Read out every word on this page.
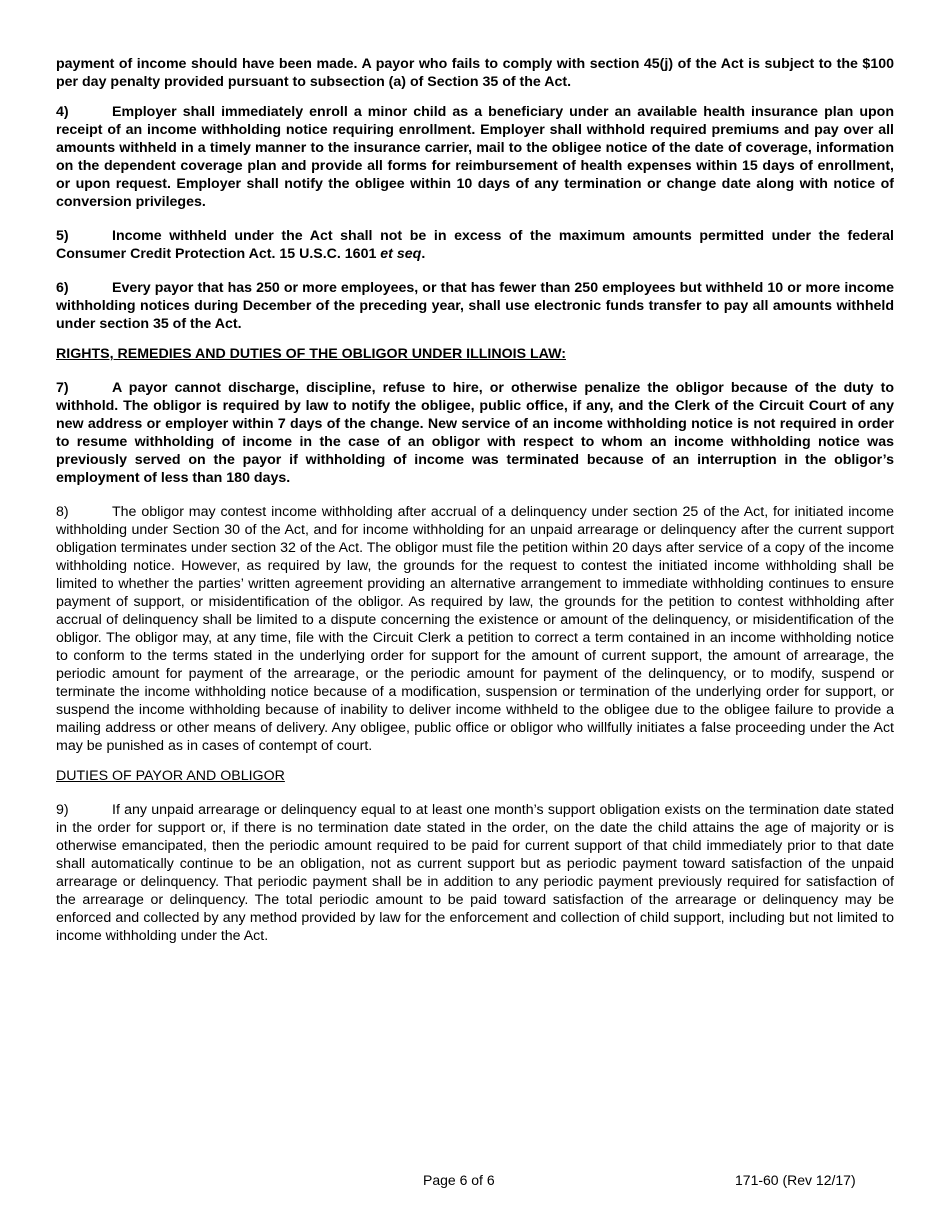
payment of income should have been made. A payor who fails to comply with section 45(j) of the Act is subject to the $100 per day penalty provided pursuant to subsection (a) of Section 35 of the Act.

4)	Employer shall immediately enroll a minor child as a beneficiary under an available health insurance plan upon receipt of an income withholding notice requiring enrollment. Employer shall withhold required premiums and pay over all amounts withheld in a timely manner to the insurance carrier, mail to the obligee notice of the date of coverage, information on the dependent coverage plan and provide all forms for reimbursement of health expenses within 15 days of enrollment, or upon request. Employer shall notify the obligee within 10 days of any termination or change date along with notice of conversion privileges.

5)	Income withheld under the Act shall not be in excess of the maximum amounts permitted under the federal Consumer Credit Protection Act. 15 U.S.C. 1601 et seq.

6)	Every payor that has 250 or more employees, or that has fewer than 250 employees but withheld 10 or more income withholding notices during December of the preceding year, shall use electronic funds transfer to pay all amounts withheld under section 35 of the Act.

RIGHTS, REMEDIES AND DUTIES OF THE OBLIGOR UNDER ILLINOIS LAW:

7)	A payor cannot discharge, discipline, refuse to hire, or otherwise penalize the obligor because of the duty to withhold. The obligor is required by law to notify the obligee, public office, if any, and the Clerk of the Circuit Court of any new address or employer within 7 days of the change. New service of an income withholding notice is not required in order to resume withholding of income in the case of an obligor with respect to whom an income withholding notice was previously served on the payor if withholding of income was terminated because of an interruption in the obligor’s employment of less than 180 days.

8)	The obligor may contest income withholding after accrual of a delinquency under section 25 of the Act, for initiated income withholding under Section 30 of the Act, and for income withholding for an unpaid arrearage or delinquency after the current support obligation terminates under section 32 of the Act. The obligor must file the petition within 20 days after service of a copy of the income withholding notice. However, as required by law, the grounds for the request to contest the initiated income withholding shall be limited to whether the parties’ written agreement providing an alternative arrangement to immediate withholding continues to ensure payment of support, or misidentification of the obligor. As required by law, the grounds for the petition to contest withholding after accrual of delinquency shall be limited to a dispute concerning the existence or amount of the delinquency, or misidentification of the obligor. The obligor may, at any time, file with the Circuit Clerk a petition to correct a term contained in an income withholding notice to conform to the terms stated in the underlying order for support for the amount of current support, the amount of arrearage, the periodic amount for payment of the arrearage, or the periodic amount for payment of the delinquency, or to modify, suspend or terminate the income withholding notice because of a modification, suspension or termination of the underlying order for support, or suspend the income withholding because of inability to deliver income withheld to the obligee due to the obligee failure to provide a mailing address or other means of delivery. Any obligee, public office or obligor who willfully initiates a false proceeding under the Act may be punished as in cases of contempt of court.

DUTIES OF PAYOR AND OBLIGOR

9)	If any unpaid arrearage or delinquency equal to at least one month’s support obligation exists on the termination date stated in the order for support or, if there is no termination date stated in the order, on the date the child attains the age of majority or is otherwise emancipated, then the periodic amount required to be paid for current support of that child immediately prior to that date shall automatically continue to be an obligation, not as current support but as periodic payment toward satisfaction of the unpaid arrearage or delinquency. That periodic payment shall be in addition to any periodic payment previously required for satisfaction of the arrearage or delinquency. The total periodic amount to be paid toward satisfaction of the arrearage or delinquency may be enforced and collected by any method provided by law for the enforcement and collection of child support, including but not limited to income withholding under the Act.

Page 6 of 6	171-60 (Rev 12/17)
